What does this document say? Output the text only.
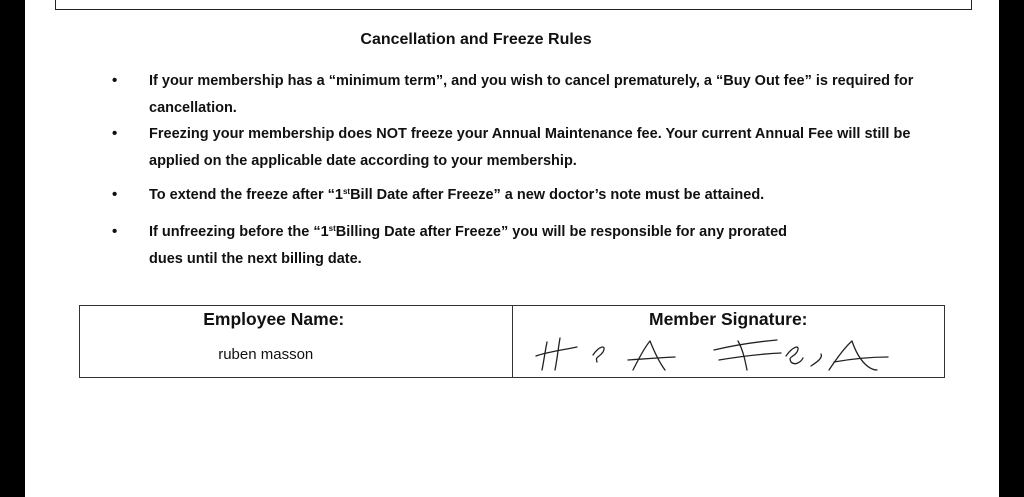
Cancellation and Freeze Rules
•	If your membership has a “minimum term”, and you wish to cancel prematurely, a “Buy Out fee” is required for cancellation.
•	Freezing your membership does NOT freeze your Annual Maintenance fee. Your current Annual Fee will still be applied on the applicable date according to your membership.
•	To extend the freeze after “1stBill Date after Freeze” a new doctor’s note must be attained.
•	If unfreezing before the “1stBilling Date after Freeze” you will be responsible for any prorated dues until the next billing date.
Employee Name:
ruben masson

Member Signature:
